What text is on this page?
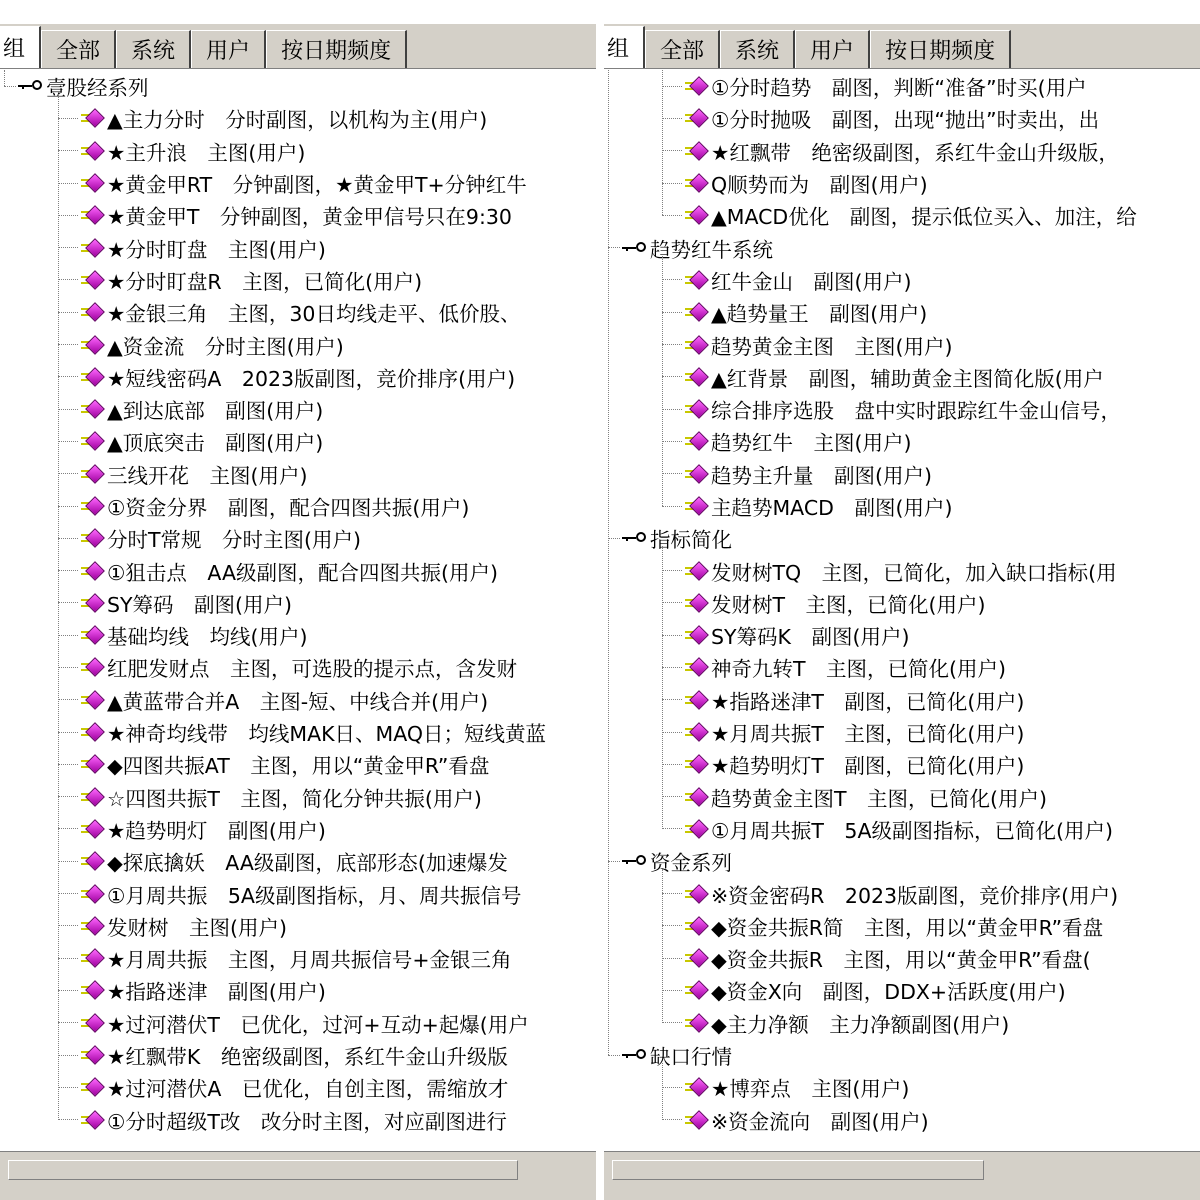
组	全部	系统	用户	按日期频度
壹股经系列
▲主力分时　分时副图，以机构为主(用户)
★主升浪　主图(用户)
★黄金甲RT　分钟副图，★黄金甲T+分钟红牛
★黄金甲T　分钟副图，黄金甲信号只在9:30
★分时盯盘　主图(用户)
★分时盯盘R　主图，已简化(用户)
★金银三角　主图，30日均线走平、低价股、
▲资金流　分时主图(用户)
★短线密码A　2023版副图，竞价排序(用户)
▲到达底部　副图(用户)
▲顶底突击　副图(用户)
三线开花　主图(用户)
①资金分界　副图，配合四图共振(用户)
分时T常规　分时主图(用户)
①狙击点　AA级副图，配合四图共振(用户)
SY筹码　副图(用户)
基础均线　均线(用户)
红肥发财点　主图，可选股的提示点，含发财
▲黄蓝带合并A　主图-短、中线合并(用户)
★神奇均线带　均线MAK日、MAQ日；短线黄蓝
◆四图共振AT　主图，用以“黄金甲R”看盘
☆四图共振T　主图，简化分钟共振(用户)
★趋势明灯　副图(用户)
◆探底擒妖　AA级副图，底部形态(加速爆发
①月周共振　5A级副图指标，月、周共振信号
发财树　主图(用户)
★月周共振　主图，月周共振信号+金银三角
★指路迷津　副图(用户)
★过河潜伏T　已优化，过河+互动+起爆(用户
★红飘带K　绝密级副图，系红牛金山升级版
★过河潜伏A　已优化，自创主图，需缩放才
①分时超级T改　改分时主图，对应副图进行
组	全部	系统	用户	按日期频度
①分时趋势　副图，判断“准备”时买(用户
①分时抛吸　副图，出现“抛出”时卖出，出
★红飘带　绝密级副图，系红牛金山升级版，
Q顺势而为　副图(用户)
▲MACD优化　副图，提示低位买入、加注，给
趋势红牛系统
红牛金山　副图(用户)
▲趋势量王　副图(用户)
趋势黄金主图　主图(用户)
▲红背景　副图，辅助黄金主图简化版(用户
综合排序选股　盘中实时跟踪红牛金山信号，
趋势红牛　主图(用户)
趋势主升量　副图(用户)
主趋势MACD　副图(用户)
指标简化
发财树TQ　主图，已简化，加入缺口指标(用
发财树T　主图，已简化(用户)
SY筹码K　副图(用户)
神奇九转T　主图，已简化(用户)
★指路迷津T　副图，已简化(用户)
★月周共振T　主图，已简化(用户)
★趋势明灯T　副图，已简化(用户)
趋势黄金主图T　主图，已简化(用户)
①月周共振T　5A级副图指标，已简化(用户)
资金系列
※资金密码R　2023版副图，竞价排序(用户)
◆资金共振R简　主图，用以“黄金甲R”看盘
◆资金共振R　主图，用以“黄金甲R”看盘(
◆资金X向　副图，DDX+活跃度(用户)
◆主力净额　主力净额副图(用户)
缺口行情
★博弈点　主图(用户)
※资金流向　副图(用户)
